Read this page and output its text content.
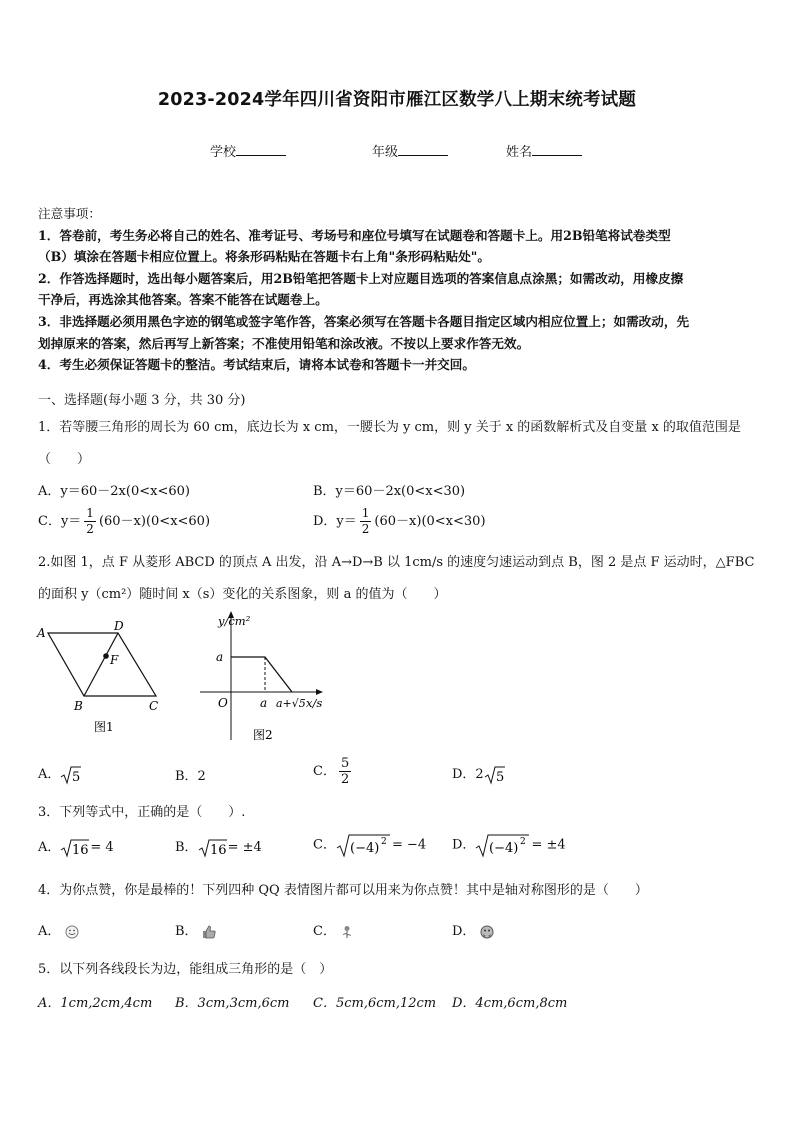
2023-2024学年四川省资阳市雁江区数学八上期末统考试题
学校	年级	姓名
注意事项：
1．答卷前，考生务必将自己的姓名、准考证号、考场号和座位号填写在试题卷和答题卡上。用2B铅笔将试卷类型
（B）填涂在答题卡相应位置上。将条形码粘贴在答题卡右上角"条形码粘贴处"。
2．作答选择题时，选出每小题答案后，用2B铅笔把答题卡上对应题目选项的答案信息点涂黑；如需改动，用橡皮擦
干净后，再选涂其他答案。答案不能答在试题卷上。
3．非选择题必须用黑色字迹的钢笔或签字笔作答，答案必须写在答题卡各题目指定区域内相应位置上；如需改动，先
划掉原来的答案，然后再写上新答案；不准使用铅笔和涂改液。不按以上要求作答无效。
4．考生必须保证答题卡的整洁。考试结束后，请将本试卷和答题卡一并交回。
一、选择题(每小题 3 分，共 30 分)
1．若等腰三角形的周长为 60 cm，底边长为 x cm，一腰长为 y cm，则 y 关于 x 的函数解析式及自变量 x 的取值范围是
（　　）
A．y＝60－2x(0<x<60)	B．y＝60－2x(0<x<30)
C．$y= \frac{1}{2} (60-x)(0<x<60)$	D．$y= \frac{1}{2} (60-x)(0<x<30)$
2.如图 1，点 F 从菱形 ABCD 的顶点 A 出发，沿 A→D→B 以 1cm/s 的速度匀速运动到点 B，图 2 是点 F 运动时，△FBC
的面积 y（cm²）随时间 x（s）变化的关系图象，则 a 的值为（　　）
A	D
F
B	C
图1
y/cm²
a
O	a a+√5 x/s
图2
A． 5	B．2	C． $\frac{5}{2}$	D．2 5
3．下列等式中，正确的是（　　）.
A． 16 = 4	B． 16 = ±4	C． (−4) 2 = −4 D． (−4) 2 = ±4
4．为你点赞，你是最棒的！下列四种 QQ 表情图片都可以用来为你点赞！其中是轴对称图形的是（　　）
A．	B．	C．	D．
5．以下列各线段长为边，能组成三角形的是（　）
A．1cm,2cm,4cm B．3cm,3cm,6cm C．5cm,6cm,12cm D．4cm,6cm,8cm
